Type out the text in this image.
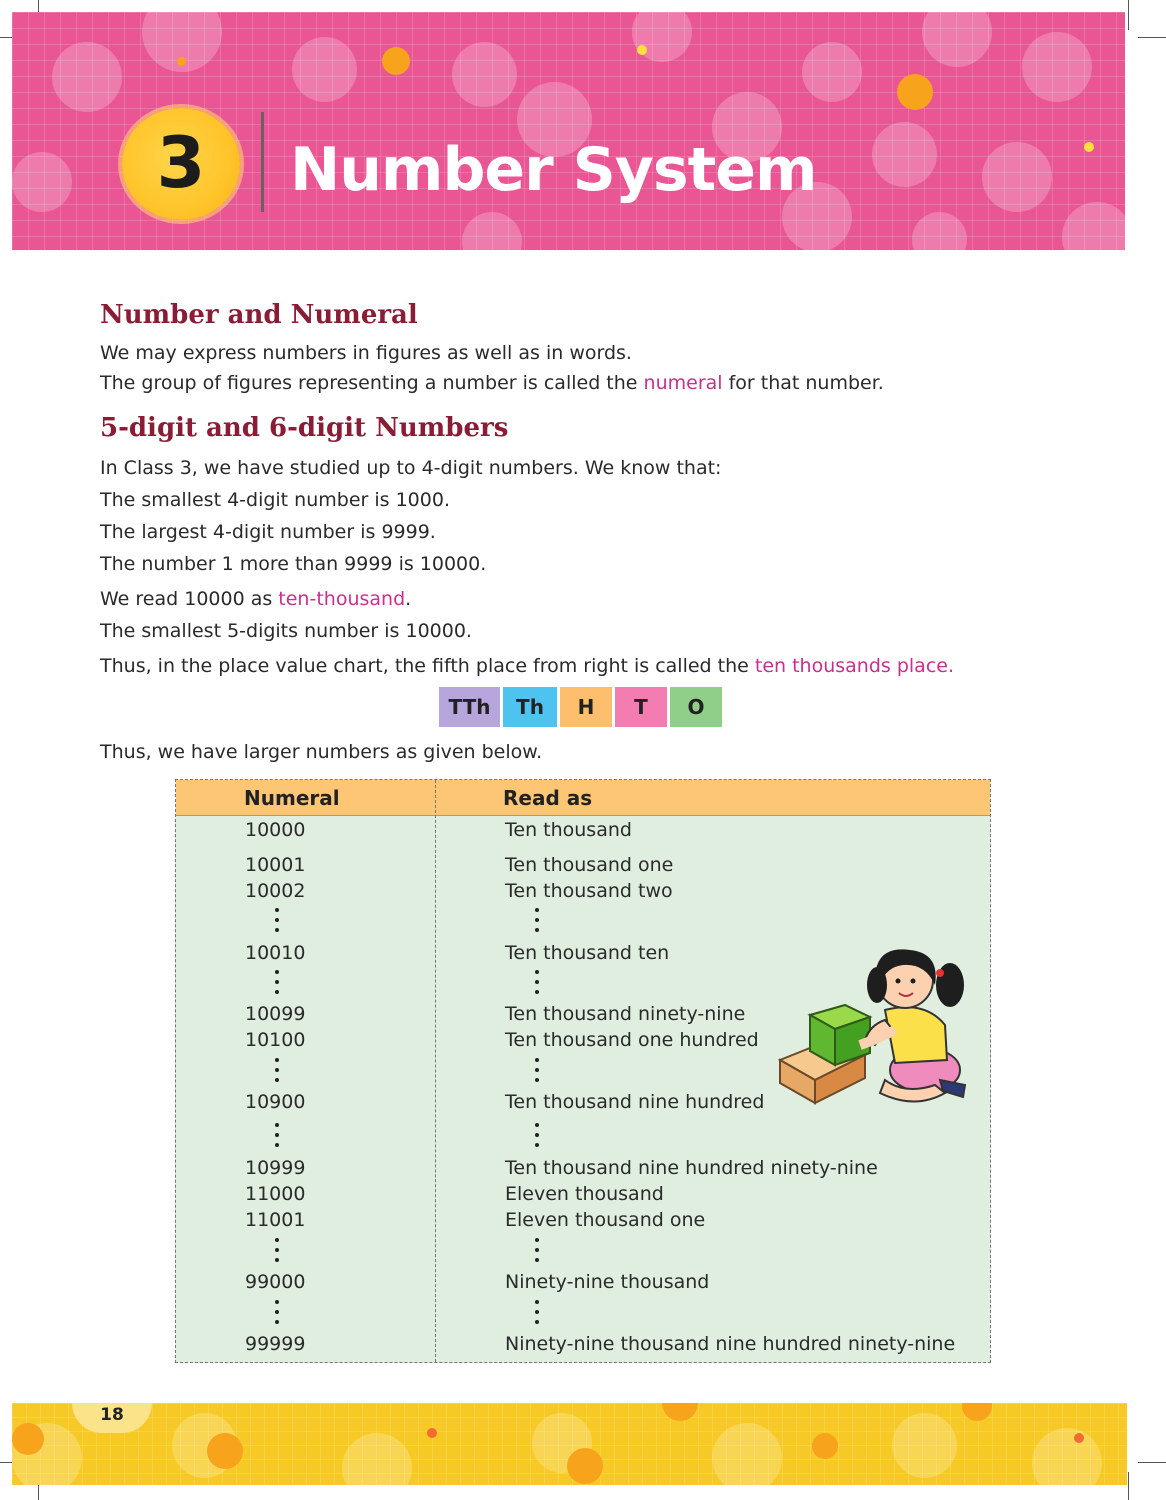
3	Number System
Number and Numeral
We may express numbers in figures as well as in words.
The group of figures representing a number is called the numeral for that number.
5-digit and 6-digit Numbers
In Class 3, we have studied up to 4-digit numbers. We know that:
The smallest 4-digit number is 1000.
The largest 4-digit number is 9999.
The number 1 more than 9999 is 10000.
We read 10000 as ten-thousand.
The smallest 5-digits number is 10000.
Thus, in the place value chart, the fifth place from right is called the ten thousands place.
TTh	Th	H	T	O
Thus, we have larger numbers as given below.
Numeral	Read as
10000	Ten thousand
10001	Ten thousand one
10002	Ten thousand two
10010	Ten thousand ten
10099	Ten thousand ninety-nine
10100	Ten thousand one hundred
10900	Ten thousand nine hundred
10999	Ten thousand nine hundred ninety-nine
11000	Eleven thousand
11001	Eleven thousand one
99000	Ninety-nine thousand
99999	Ninety-nine thousand nine hundred ninety-nine
18
